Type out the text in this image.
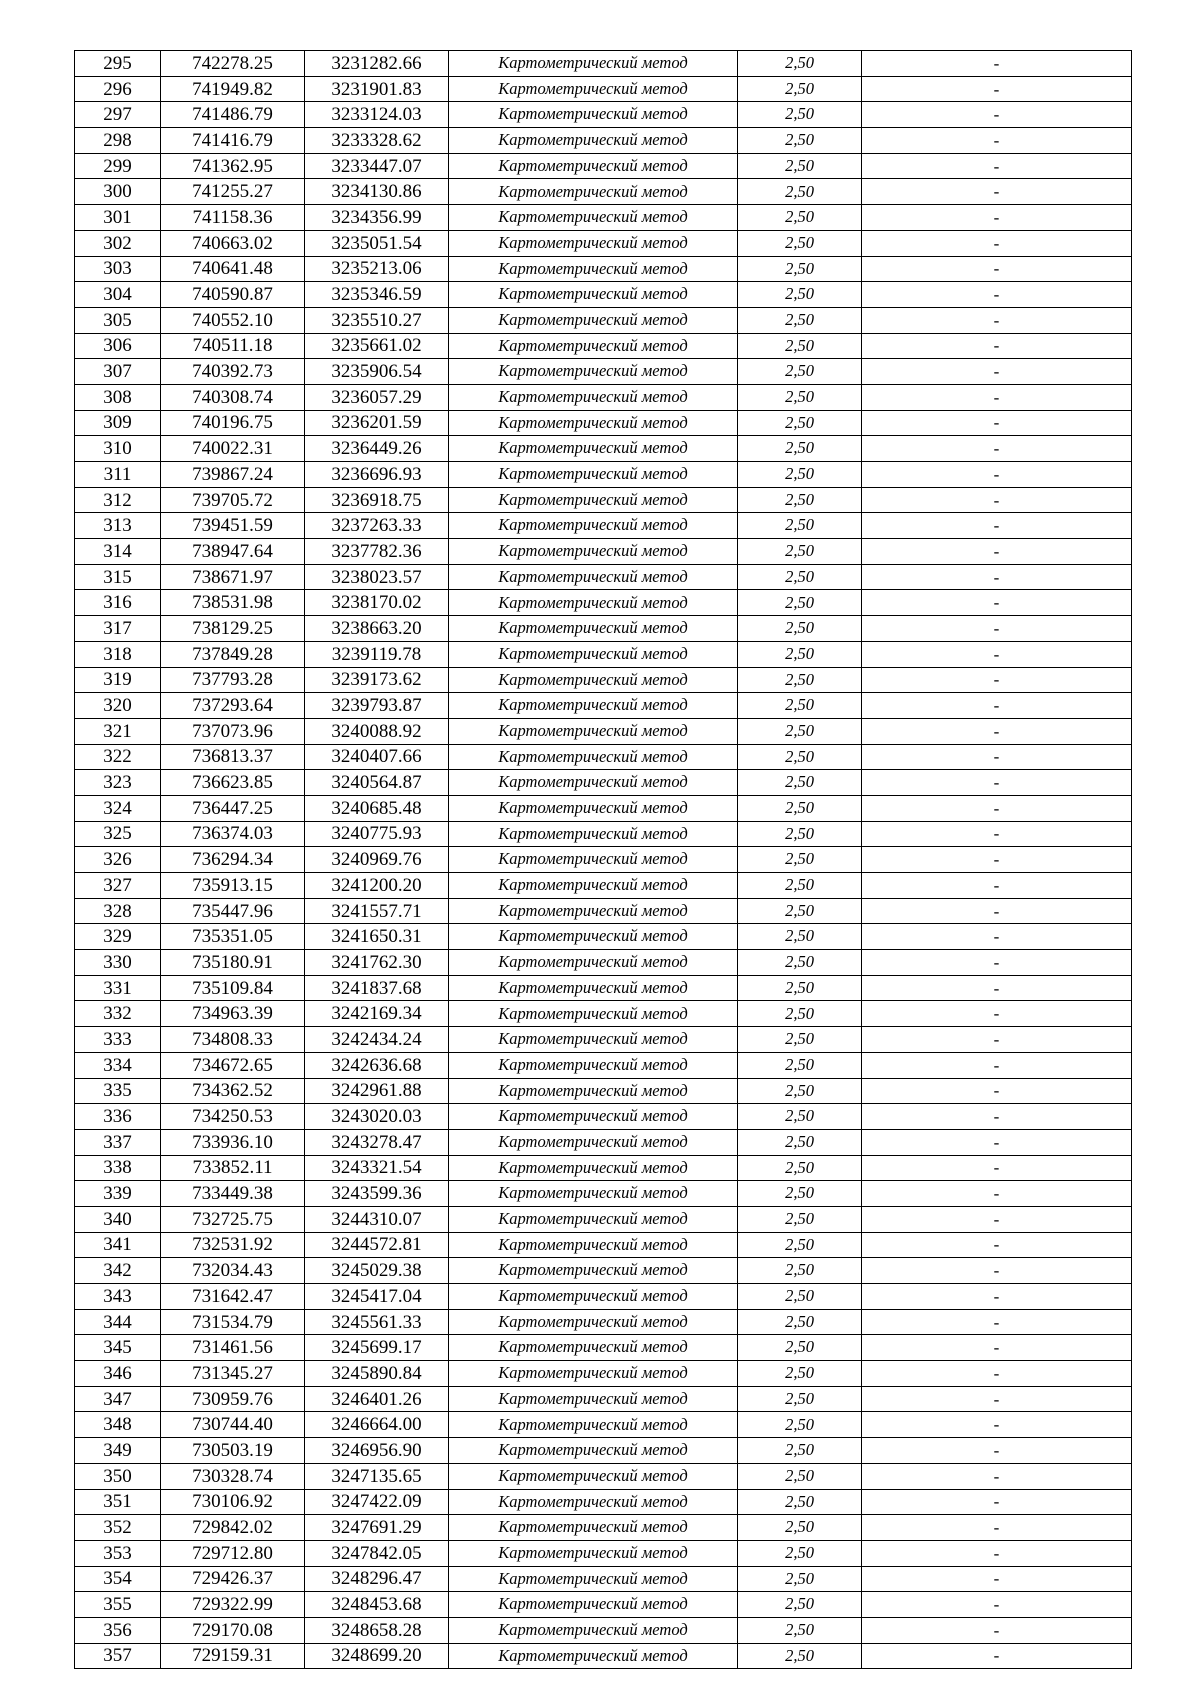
295	742278.25	3231282.66	Картометрический метод	2,50	-
296	741949.82	3231901.83	Картометрический метод	2,50	-
297	741486.79	3233124.03	Картометрический метод	2,50	-
298	741416.79	3233328.62	Картометрический метод	2,50	-
299	741362.95	3233447.07	Картометрический метод	2,50	-
300	741255.27	3234130.86	Картометрический метод	2,50	-
301	741158.36	3234356.99	Картометрический метод	2,50	-
302	740663.02	3235051.54	Картометрический метод	2,50	-
303	740641.48	3235213.06	Картометрический метод	2,50	-
304	740590.87	3235346.59	Картометрический метод	2,50	-
305	740552.10	3235510.27	Картометрический метод	2,50	-
306	740511.18	3235661.02	Картометрический метод	2,50	-
307	740392.73	3235906.54	Картометрический метод	2,50	-
308	740308.74	3236057.29	Картометрический метод	2,50	-
309	740196.75	3236201.59	Картометрический метод	2,50	-
310	740022.31	3236449.26	Картометрический метод	2,50	-
311	739867.24	3236696.93	Картометрический метод	2,50	-
312	739705.72	3236918.75	Картометрический метод	2,50	-
313	739451.59	3237263.33	Картометрический метод	2,50	-
314	738947.64	3237782.36	Картометрический метод	2,50	-
315	738671.97	3238023.57	Картометрический метод	2,50	-
316	738531.98	3238170.02	Картометрический метод	2,50	-
317	738129.25	3238663.20	Картометрический метод	2,50	-
318	737849.28	3239119.78	Картометрический метод	2,50	-
319	737793.28	3239173.62	Картометрический метод	2,50	-
320	737293.64	3239793.87	Картометрический метод	2,50	-
321	737073.96	3240088.92	Картометрический метод	2,50	-
322	736813.37	3240407.66	Картометрический метод	2,50	-
323	736623.85	3240564.87	Картометрический метод	2,50	-
324	736447.25	3240685.48	Картометрический метод	2,50	-
325	736374.03	3240775.93	Картометрический метод	2,50	-
326	736294.34	3240969.76	Картометрический метод	2,50	-
327	735913.15	3241200.20	Картометрический метод	2,50	-
328	735447.96	3241557.71	Картометрический метод	2,50	-
329	735351.05	3241650.31	Картометрический метод	2,50	-
330	735180.91	3241762.30	Картометрический метод	2,50	-
331	735109.84	3241837.68	Картометрический метод	2,50	-
332	734963.39	3242169.34	Картометрический метод	2,50	-
333	734808.33	3242434.24	Картометрический метод	2,50	-
334	734672.65	3242636.68	Картометрический метод	2,50	-
335	734362.52	3242961.88	Картометрический метод	2,50	-
336	734250.53	3243020.03	Картометрический метод	2,50	-
337	733936.10	3243278.47	Картометрический метод	2,50	-
338	733852.11	3243321.54	Картометрический метод	2,50	-
339	733449.38	3243599.36	Картометрический метод	2,50	-
340	732725.75	3244310.07	Картометрический метод	2,50	-
341	732531.92	3244572.81	Картометрический метод	2,50	-
342	732034.43	3245029.38	Картометрический метод	2,50	-
343	731642.47	3245417.04	Картометрический метод	2,50	-
344	731534.79	3245561.33	Картометрический метод	2,50	-
345	731461.56	3245699.17	Картометрический метод	2,50	-
346	731345.27	3245890.84	Картометрический метод	2,50	-
347	730959.76	3246401.26	Картометрический метод	2,50	-
348	730744.40	3246664.00	Картометрический метод	2,50	-
349	730503.19	3246956.90	Картометрический метод	2,50	-
350	730328.74	3247135.65	Картометрический метод	2,50	-
351	730106.92	3247422.09	Картометрический метод	2,50	-
352	729842.02	3247691.29	Картометрический метод	2,50	-
353	729712.80	3247842.05	Картометрический метод	2,50	-
354	729426.37	3248296.47	Картометрический метод	2,50	-
355	729322.99	3248453.68	Картометрический метод	2,50	-
356	729170.08	3248658.28	Картометрический метод	2,50	-
357	729159.31	3248699.20	Картометрический метод	2,50	-
